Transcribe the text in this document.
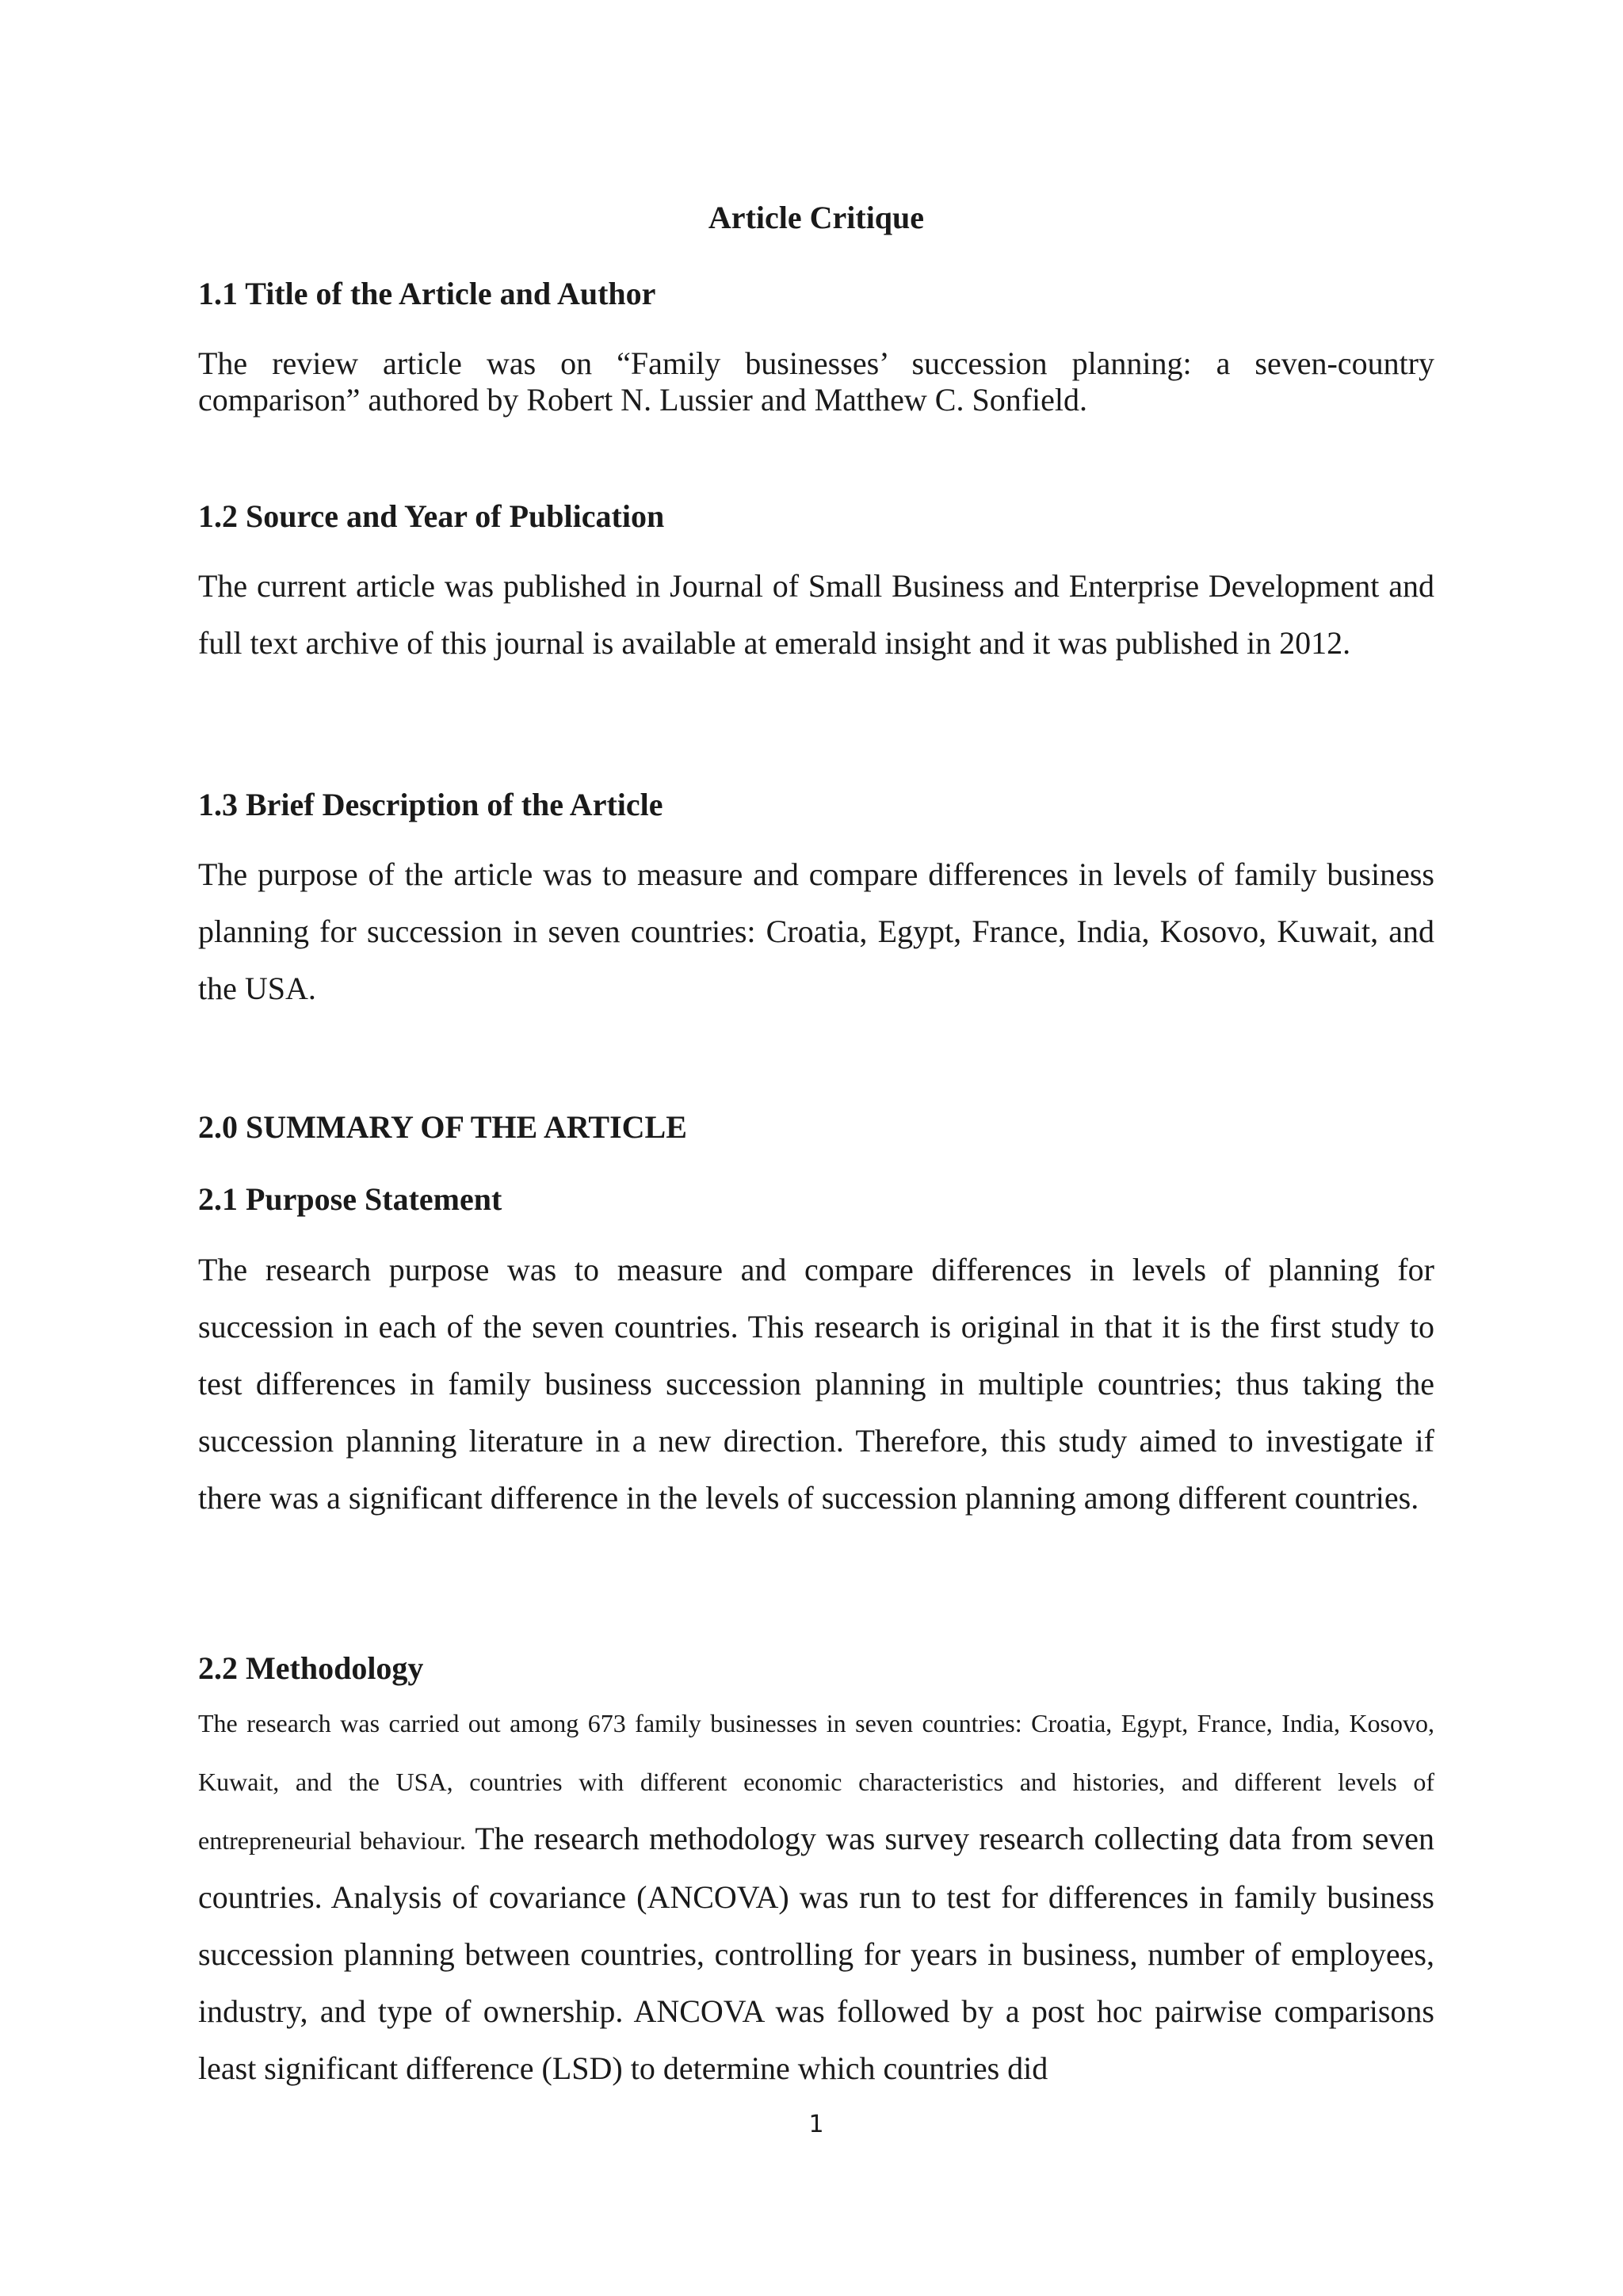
Article Critique
1.1 Title of the Article and Author

The review article was on “Family businesses’ succession planning: a seven-country comparison” authored by Robert N. Lussier and Matthew C. Sonfield.

1.2 Source and Year of Publication

The current article was published in Journal of Small Business and Enterprise Development and full text archive of this journal is available at emerald insight and it was published in 2012.

1.3 Brief Description of the Article

The purpose of the article was to measure and compare differences in levels of family business planning for succession in seven countries: Croatia, Egypt, France, India, Kosovo, Kuwait, and the USA.

2.0 SUMMARY OF THE ARTICLE
2.1 Purpose Statement

The research purpose was to measure and compare differences in levels of planning for succession in each of the seven countries. This research is original in that it is the first study to test differences in family business succession planning in multiple countries; thus taking the succession planning literature in a new direction. Therefore, this study aimed to investigate if there was a significant difference in the levels of succession planning among different countries.

2.2 Methodology

The research was carried out among 673 family businesses in seven countries: Croatia, Egypt, France, India, Kosovo, Kuwait, and the USA, countries with different economic characteristics and histories, and different levels of entrepreneurial behaviour. The research methodology was survey research collecting data from seven countries. Analysis of covariance (ANCOVA) was run to test for differences in family business succession planning between countries, controlling for years in business, number of employees, industry, and type of ownership. ANCOVA was followed by a post hoc pairwise comparisons least significant difference (LSD) to determine which countries did

1
